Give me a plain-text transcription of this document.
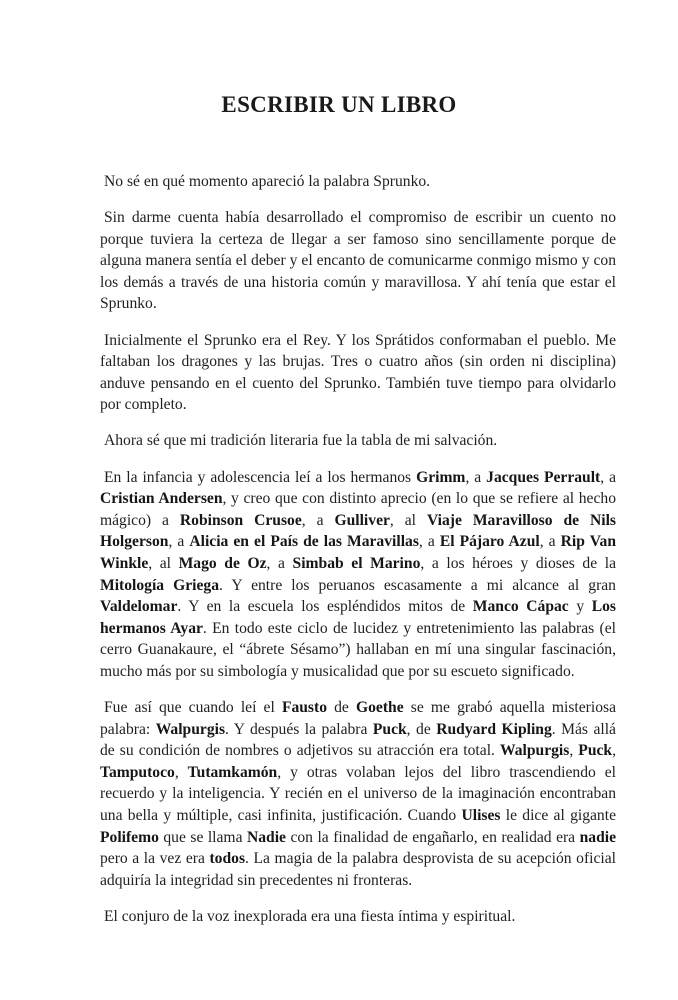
ESCRIBIR UN LIBRO

No sé en qué momento apareció la palabra Sprunko.

Sin darme cuenta había desarrollado el compromiso de escribir un cuento no porque tuviera la certeza de llegar a ser famoso sino sencillamente porque de alguna manera sentía el deber y el encanto de comunicarme conmigo mismo y con los demás a través de una historia común y maravillosa. Y ahí tenía que estar el Sprunko.

Inicialmente el Sprunko era el Rey. Y los Sprátidos conformaban el pueblo. Me faltaban los dragones y las brujas. Tres o cuatro años (sin orden ni disciplina) anduve pensando en el cuento del Sprunko. También tuve tiempo para olvidarlo por completo.

Ahora sé que mi tradición literaria fue la tabla de mi salvación.

En la infancia y adolescencia leí a los hermanos Grimm, a Jacques Perrault, a Cristian Andersen, y creo que con distinto aprecio (en lo que se refiere al hecho mágico) a Robinson Crusoe, a Gulliver, al Viaje Maravilloso de Nils Holgerson, a Alicia en el País de las Maravillas, a El Pájaro Azul, a Rip Van Winkle, al Mago de Oz, a Simbab el Marino, a los héroes y dioses de la Mitología Griega. Y entre los peruanos escasamente a mi alcance al gran Valdelomar. Y en la escuela los espléndidos mitos de Manco Cápac y Los hermanos Ayar. En todo este ciclo de lucidez y entretenimiento las palabras (el cerro Guanakaure, el “ábrete Sésamo”) hallaban en mí una singular fascinación, mucho más por su simbología y musicalidad que por su escueto significado.

Fue así que cuando leí el Fausto de Goethe se me grabó aquella misteriosa palabra: Walpurgis. Y después la palabra Puck, de Rudyard Kipling. Más allá de su condición de nombres o adjetivos su atracción era total. Walpurgis, Puck, Tamputoco, Tutamkamón, y otras volaban lejos del libro trascendiendo el recuerdo y la inteligencia. Y recién en el universo de la imaginación encontraban una bella y múltiple, casi infinita, justificación. Cuando Ulises le dice al gigante Polifemo que se llama Nadie con la finalidad de engañarlo, en realidad era nadie pero a la vez era todos. La magia de la palabra desprovista de su acepción oficial adquiría la integridad sin precedentes ni fronteras.

El conjuro de la voz inexplorada era una fiesta íntima y espiritual.
